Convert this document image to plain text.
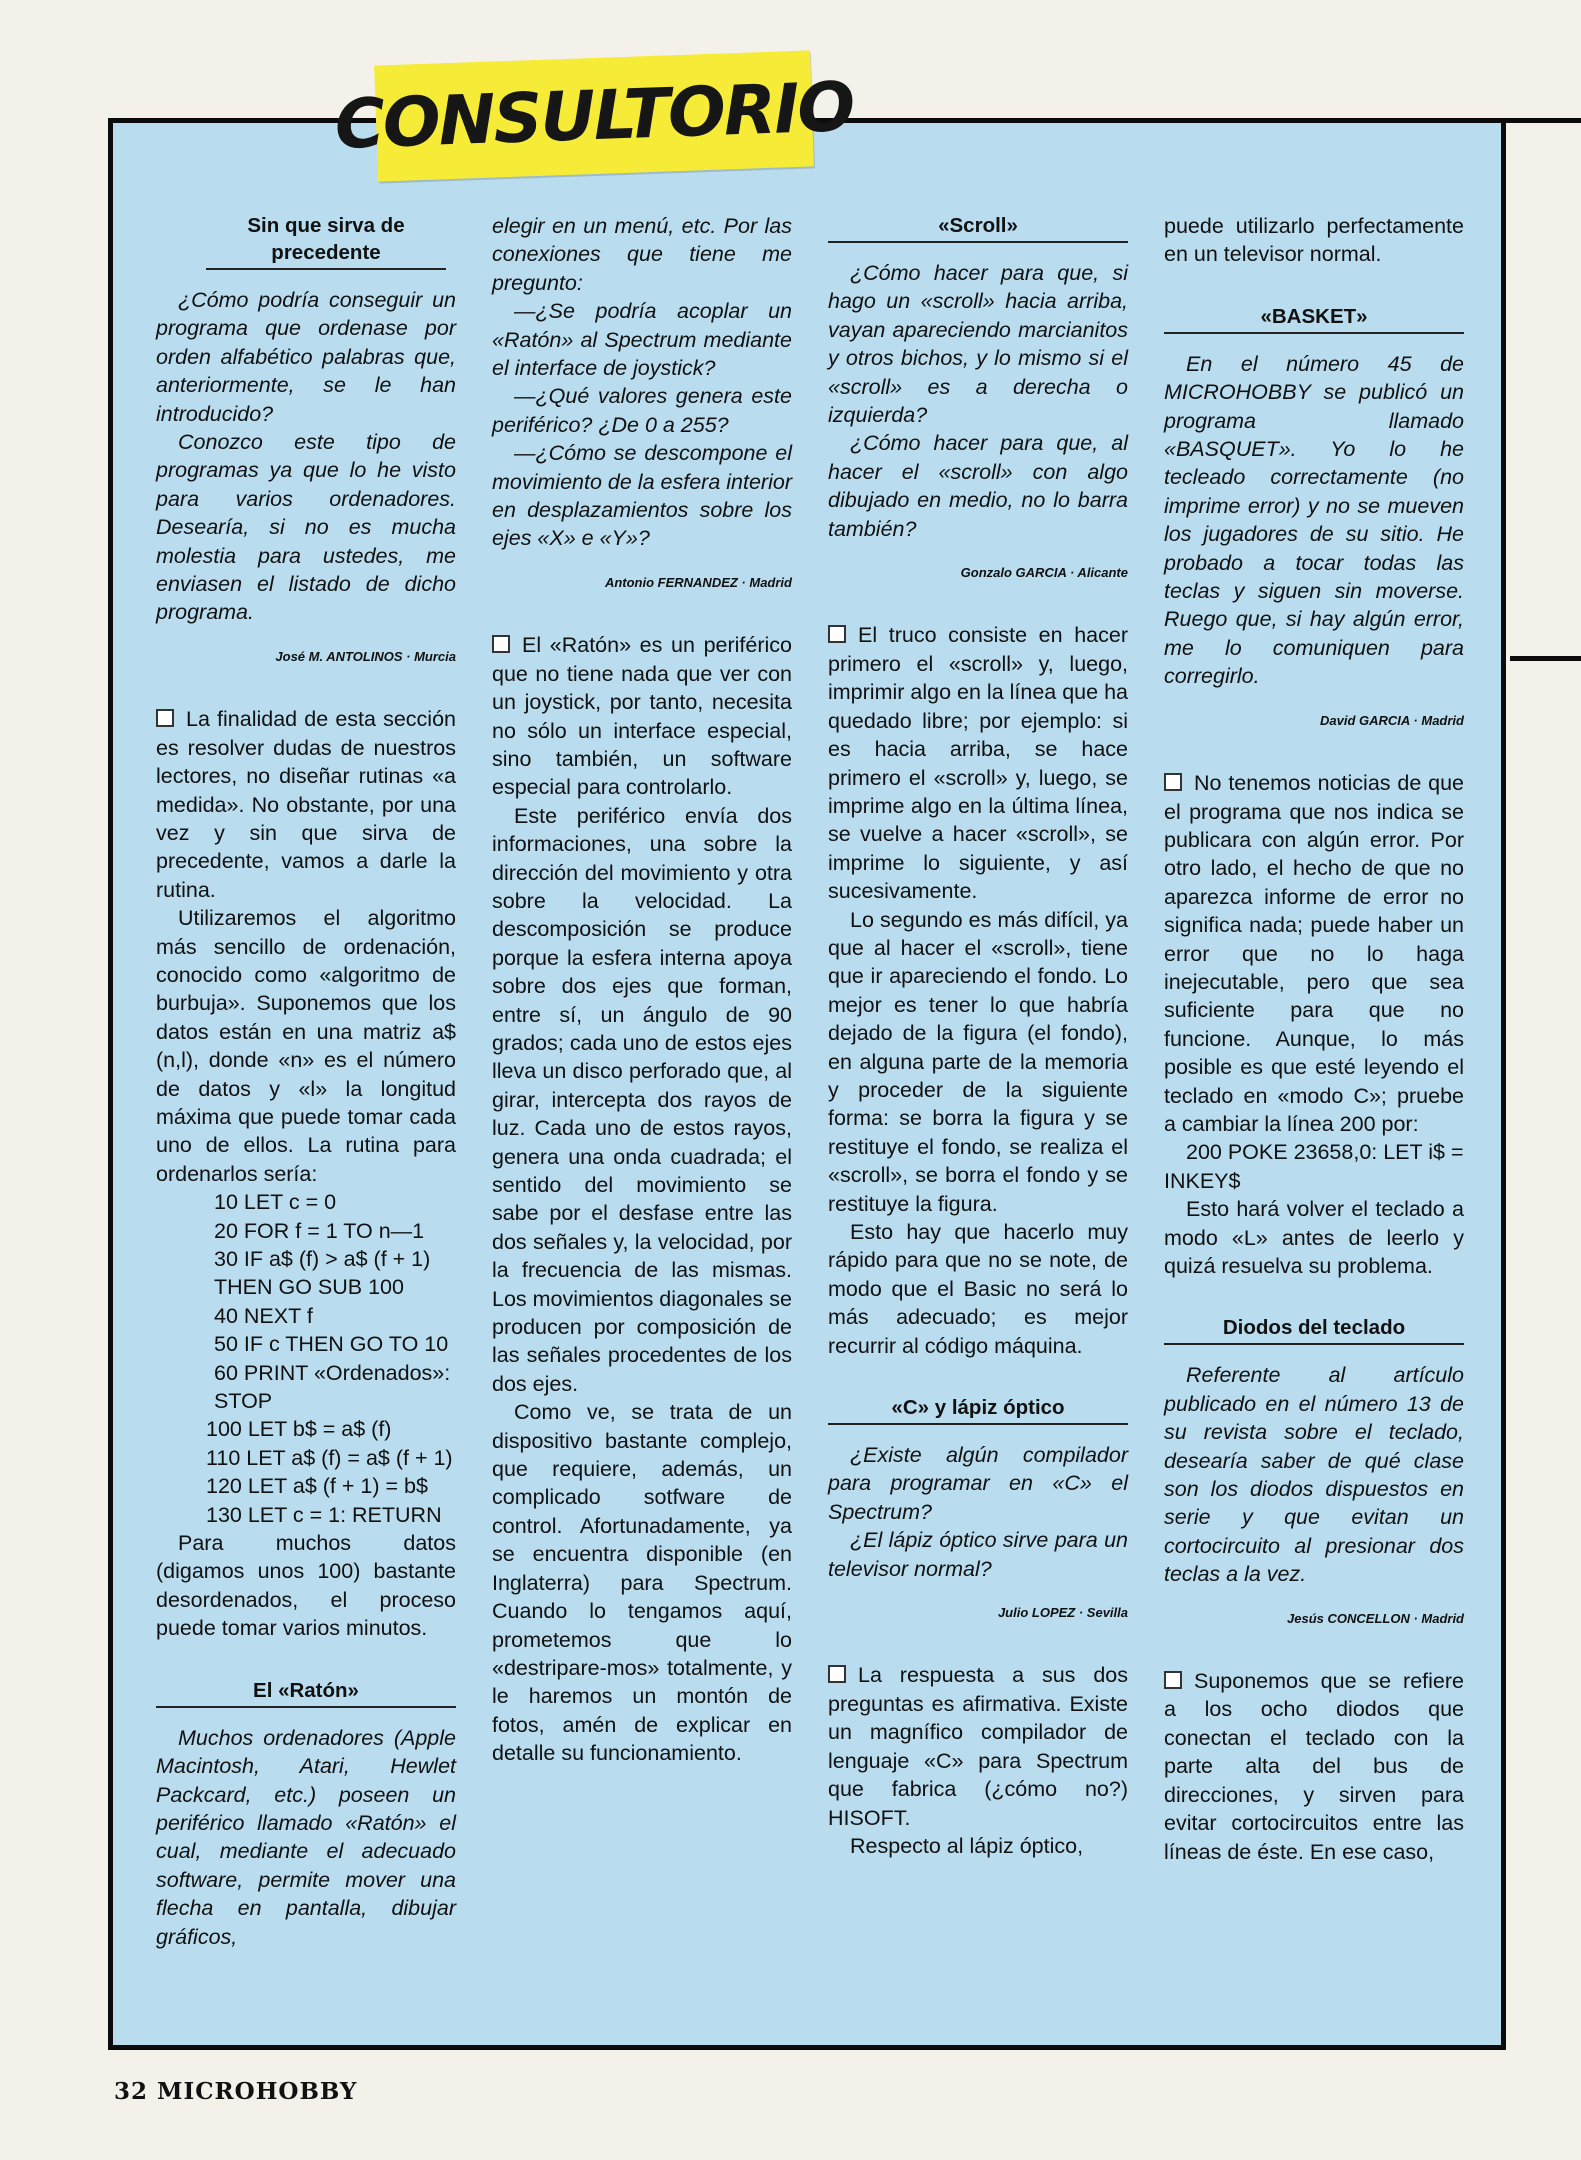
CONSULTORIO
Sin que sirva de precedente

¿Cómo podría conseguir un programa que ordenase por orden alfabético palabras que, anteriormente, se le han introducido?

Conozco este tipo de programas ya que lo he visto para varios ordenadores. Desearía, si no es mucha molestia para ustedes, me enviasen el listado de dicho programa.

José M. ANTOLINOS · Murcia

La finalidad de esta sección es resolver dudas de nuestros lectores, no diseñar rutinas «a medida». No obstante, por una vez y sin que sirva de precedente, vamos a darle la rutina.

Utilizaremos el algoritmo más sencillo de ordenación, conocido como «algoritmo de burbuja». Suponemos que los datos están en una matriz a$ (n,l), donde «n» es el número de datos y «l» la longitud máxima que puede tomar cada uno de ellos. La rutina para ordenarlos sería:

10 LET c = 0

20 FOR f = 1 TO n—1

30 IF a$ (f) > a$ (f + 1)

THEN GO SUB 100

40 NEXT f

50 IF c THEN GO TO 10

60 PRINT «Ordenados»:

STOP

100 LET b$ = a$ (f)

110 LET a$ (f) = a$ (f + 1)

120 LET a$ (f + 1) = b$

130 LET c = 1: RETURN

Para muchos datos (digamos unos 100) bastante desordenados, el proceso puede tomar varios minutos.

El «Ratón»

Muchos ordenadores (Apple Macintosh, Atari, Hewlet Packcard, etc.) poseen un periférico llamado «Ratón» el cual, mediante el adecuado software, permite mover una flecha en pantalla, dibujar gráficos,

elegir en un menú, etc. Por las conexiones que tiene me pregunto:

—¿Se podría acoplar un «Ratón» al Spectrum mediante el interface de joystick?

—¿Qué valores genera este periférico? ¿De 0 a 255?

—¿Cómo se descompone el movimiento de la esfera interior en desplazamientos sobre los ejes «X» e «Y»?

Antonio FERNANDEZ · Madrid

El «Ratón» es un periférico que no tiene nada que ver con un joystick, por tanto, necesita no sólo un interface especial, sino también, un software especial para controlarlo.

Este periférico envía dos informaciones, una sobre la dirección del movimiento y otra sobre la velocidad. La descomposición se produce porque la esfera interna apoya sobre dos ejes que forman, entre sí, un ángulo de 90 grados; cada uno de estos ejes lleva un disco perforado que, al girar, intercepta dos rayos de luz. Cada uno de estos rayos, genera una onda cuadrada; el sentido del movimiento se sabe por el desfase entre las dos señales y, la velocidad, por la frecuencia de las mismas. Los movimientos diagonales se producen por composición de las señales procedentes de los dos ejes.

Como ve, se trata de un dispositivo bastante complejo, que requiere, además, un complicado sotfware de control. Afortunadamente, ya se encuentra disponible (en Inglaterra) para Spectrum. Cuando lo tengamos aquí, prometemos que lo «destripare-mos» totalmente, y le haremos un montón de fotos, amén de explicar en detalle su funcionamiento.

«Scroll»

¿Cómo hacer para que, si hago un «scroll» hacia arriba, vayan apareciendo marcianitos y otros bichos, y lo mismo si el «scroll» es a derecha o izquierda?

¿Cómo hacer para que, al hacer el «scroll» con algo dibujado en medio, no lo barra también?

Gonzalo GARCIA · Alicante

El truco consiste en hacer primero el «scroll» y, luego, imprimir algo en la línea que ha quedado libre; por ejemplo: si es hacia arriba, se hace primero el «scroll» y, luego, se imprime algo en la última línea, se vuelve a hacer «scroll», se imprime lo siguiente, y así sucesivamente.

Lo segundo es más difícil, ya que al hacer el «scroll», tiene que ir apareciendo el fondo. Lo mejor es tener lo que habría dejado de la figura (el fondo), en alguna parte de la memoria y proceder de la siguiente forma: se borra la figura y se restituye el fondo, se realiza el «scroll», se borra el fondo y se restituye la figura.

Esto hay que hacerlo muy rápido para que no se note, de modo que el Basic no será lo más adecuado; es mejor recurrir al código máquina.

«C» y lápiz óptico

¿Existe algún compilador para programar en «C» el Spectrum?

¿El lápiz óptico sirve para un televisor normal?

Julio LOPEZ · Sevilla

La respuesta a sus dos preguntas es afirmativa. Existe un magnífico compilador de lenguaje «C» para Spectrum que fabrica (¿cómo no?) HISOFT.

Respecto al lápiz óptico,

puede utilizarlo perfectamente en un televisor normal.

«BASKET»

En el número 45 de MICROHOBBY se publicó un programa llamado «BASQUET». Yo lo he tecleado correctamente (no imprime error) y no se mueven los jugadores de su sitio. He probado a tocar todas las teclas y siguen sin moverse. Ruego que, si hay algún error, me lo comuniquen para corregirlo.

David GARCIA · Madrid

No tenemos noticias de que el programa que nos indica se publicara con algún error. Por otro lado, el hecho de que no aparezca informe de error no significa nada; puede haber un error que no lo haga inejecutable, pero que sea suficiente para que no funcione. Aunque, lo más posible es que esté leyendo el teclado en «modo C»; pruebe a cambiar la línea 200 por:

200 POKE 23658,0: LET i$ = INKEY$

Esto hará volver el teclado a modo «L» antes de leerlo y quizá resuelva su problema.

Diodos del teclado

Referente al artículo publicado en el número 13 de su revista sobre el teclado, desearía saber de qué clase son los diodos dispuestos en serie y que evitan un cortocircuito al presionar dos teclas a la vez.

Jesús CONCELLON · Madrid

Suponemos que se refiere a los ocho diodos que conectan el teclado con la parte alta del bus de direcciones, y sirven para evitar cortocircuitos entre las líneas de éste. En ese caso,

32 MICROHOBBY
